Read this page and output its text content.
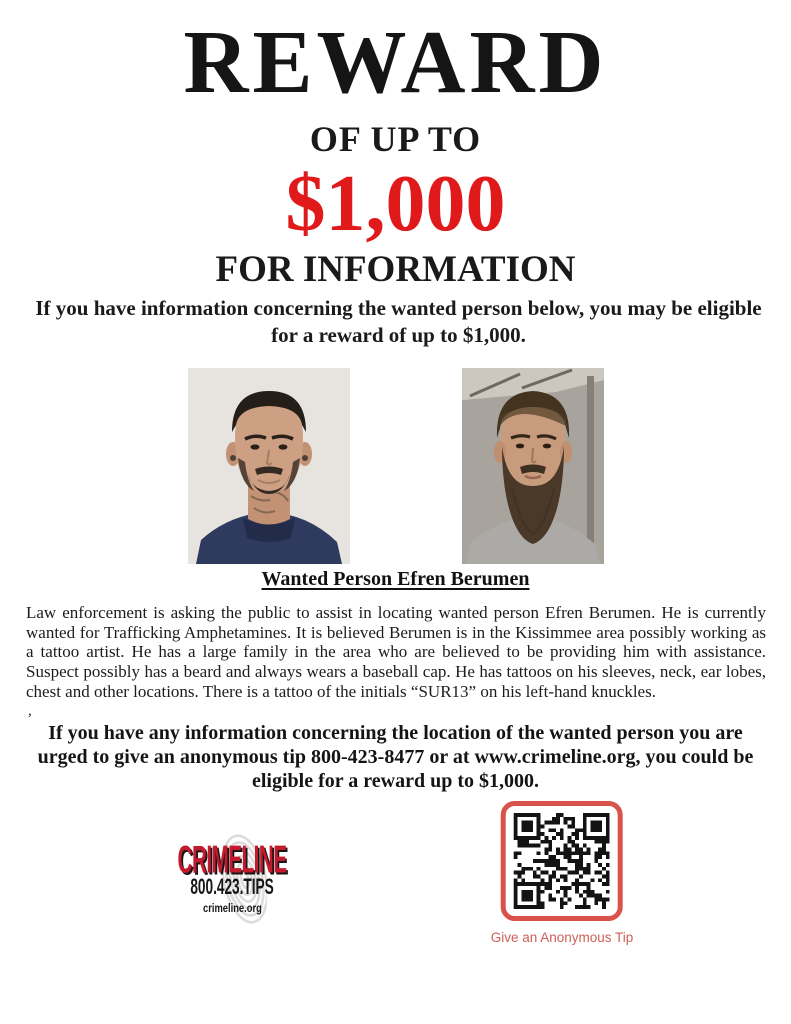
REWARD
OF UP TO
$1,000
FOR INFORMATION

If you have information concerning the wanted person below, you may be eligible for a reward of up to $1,000.

Wanted Person Efren Berumen

Law enforcement is asking the public to assist in locating wanted person Efren Berumen. He is currently wanted for Trafficking Amphetamines. It is believed Berumen is in the Kissimmee area possibly working as a tattoo artist. He has a large family in the area who are believed to be providing him with assistance. Suspect possibly has a beard and always wears a baseball cap. He has tattoos on his sleeves, neck, ear lobes, chest and other locations. There is a tattoo of the initials “SUR13” on his left-hand knuckles.

,

If you have any information concerning the location of the wanted person you are urged to give an anonymous tip 800-423-8477 or at www.crimeline.org, you could be eligible for a reward up to $1,000.

CRIMELINE
800.423.TIPS
crimeline.org
Give an Anonymous Tip
